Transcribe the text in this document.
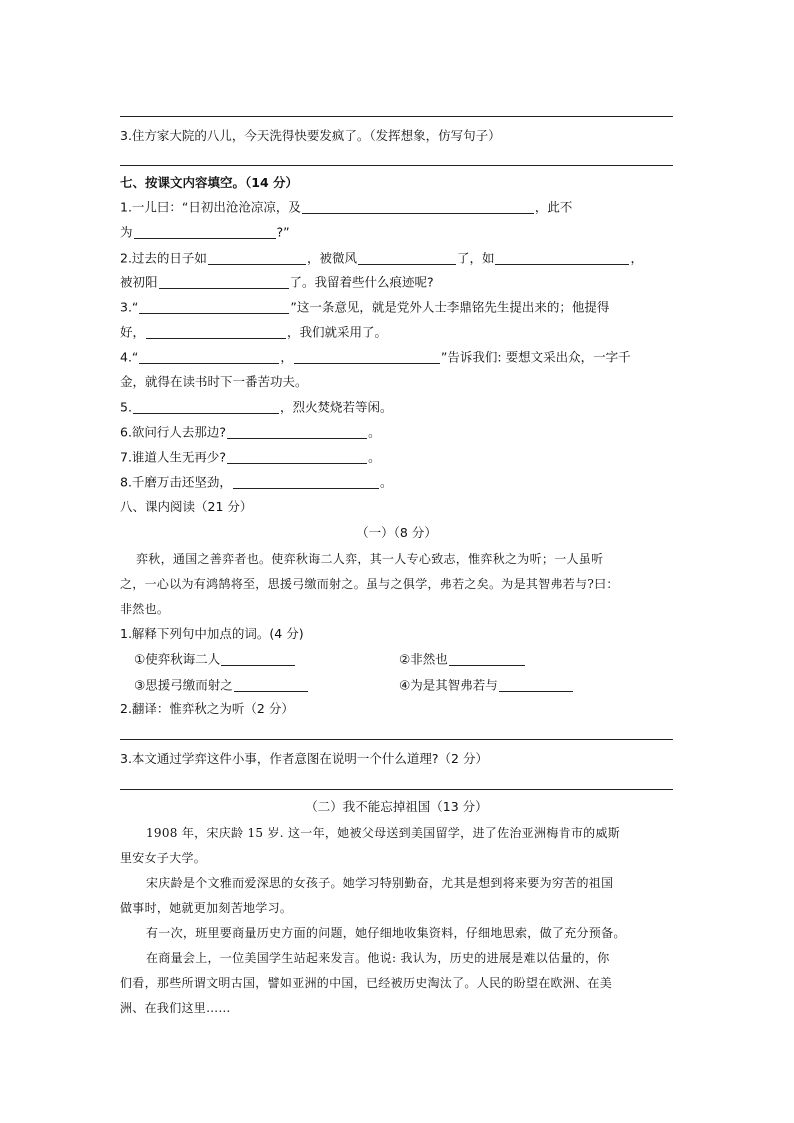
3.住方家大院的八儿，今天洗得快要发疯了。（发挥想象，仿写句子）
七、按课文内容填空。（14 分）
1.一儿曰：“日初出沧沧凉凉，及	，此不
为	?”
2.过去的日子如	，被微风	了，如	，
被初阳	了。我留着些什么痕迹呢?
3.“	”这一条意见，就是党外人士李鼎铭先生提出来的；他提得
好，	，我们就采用了。
4.“	，	”告诉我们: 要想文采出众，一字千
金，就得在读书时下一番苦功夫。
5.	，烈火焚烧若等闲。
6.欲问行人去那边?	。
7.谁道人生无再少?	。
8.千磨万击还坚劲，	。
八、课内阅读（21 分）
（一）（8 分）
弈秋，通国之善弈者也。使弈秋诲二人弈，其一人专心致志，惟弈秋之为听；一人虽听
之，一心以为有鸿鹄将至，思援弓缴而射之。虽与之俱学，弗若之矣。为是其智弗若与?曰：
非然也。
1.解释下列句中加点的词。(4 分)
①使弈秋诲二人	②非然也
③思援弓缴而射之	④为是其智弗若与
2.翻译：惟弈秋之为听（2 分）
3.本文通过学弈这件小事，作者意图在说明一个什么道理?（2 分）
（二）我不能忘掉祖国（13 分）
1908 年，宋庆龄 15 岁. 这一年，她被父母送到美国留学，进了佐治亚洲梅肯市的威斯
里安女子大学。
宋庆龄是个文雅而爱深思的女孩子。她学习特别勤奋，尤其是想到将来要为穷苦的祖国
做事时，她就更加刻苦地学习。
有一次，班里要商量历史方面的问题，她仔细地收集资料，仔细地思索，做了充分预备。
在商量会上，一位美国学生站起来发言。他说: 我认为，历史的进展是难以估量的，你
们看，那些所谓文明古国，譬如亚洲的中国，已经被历史淘汰了。人民的盼望在欧洲、在美
洲、在我们这里……
